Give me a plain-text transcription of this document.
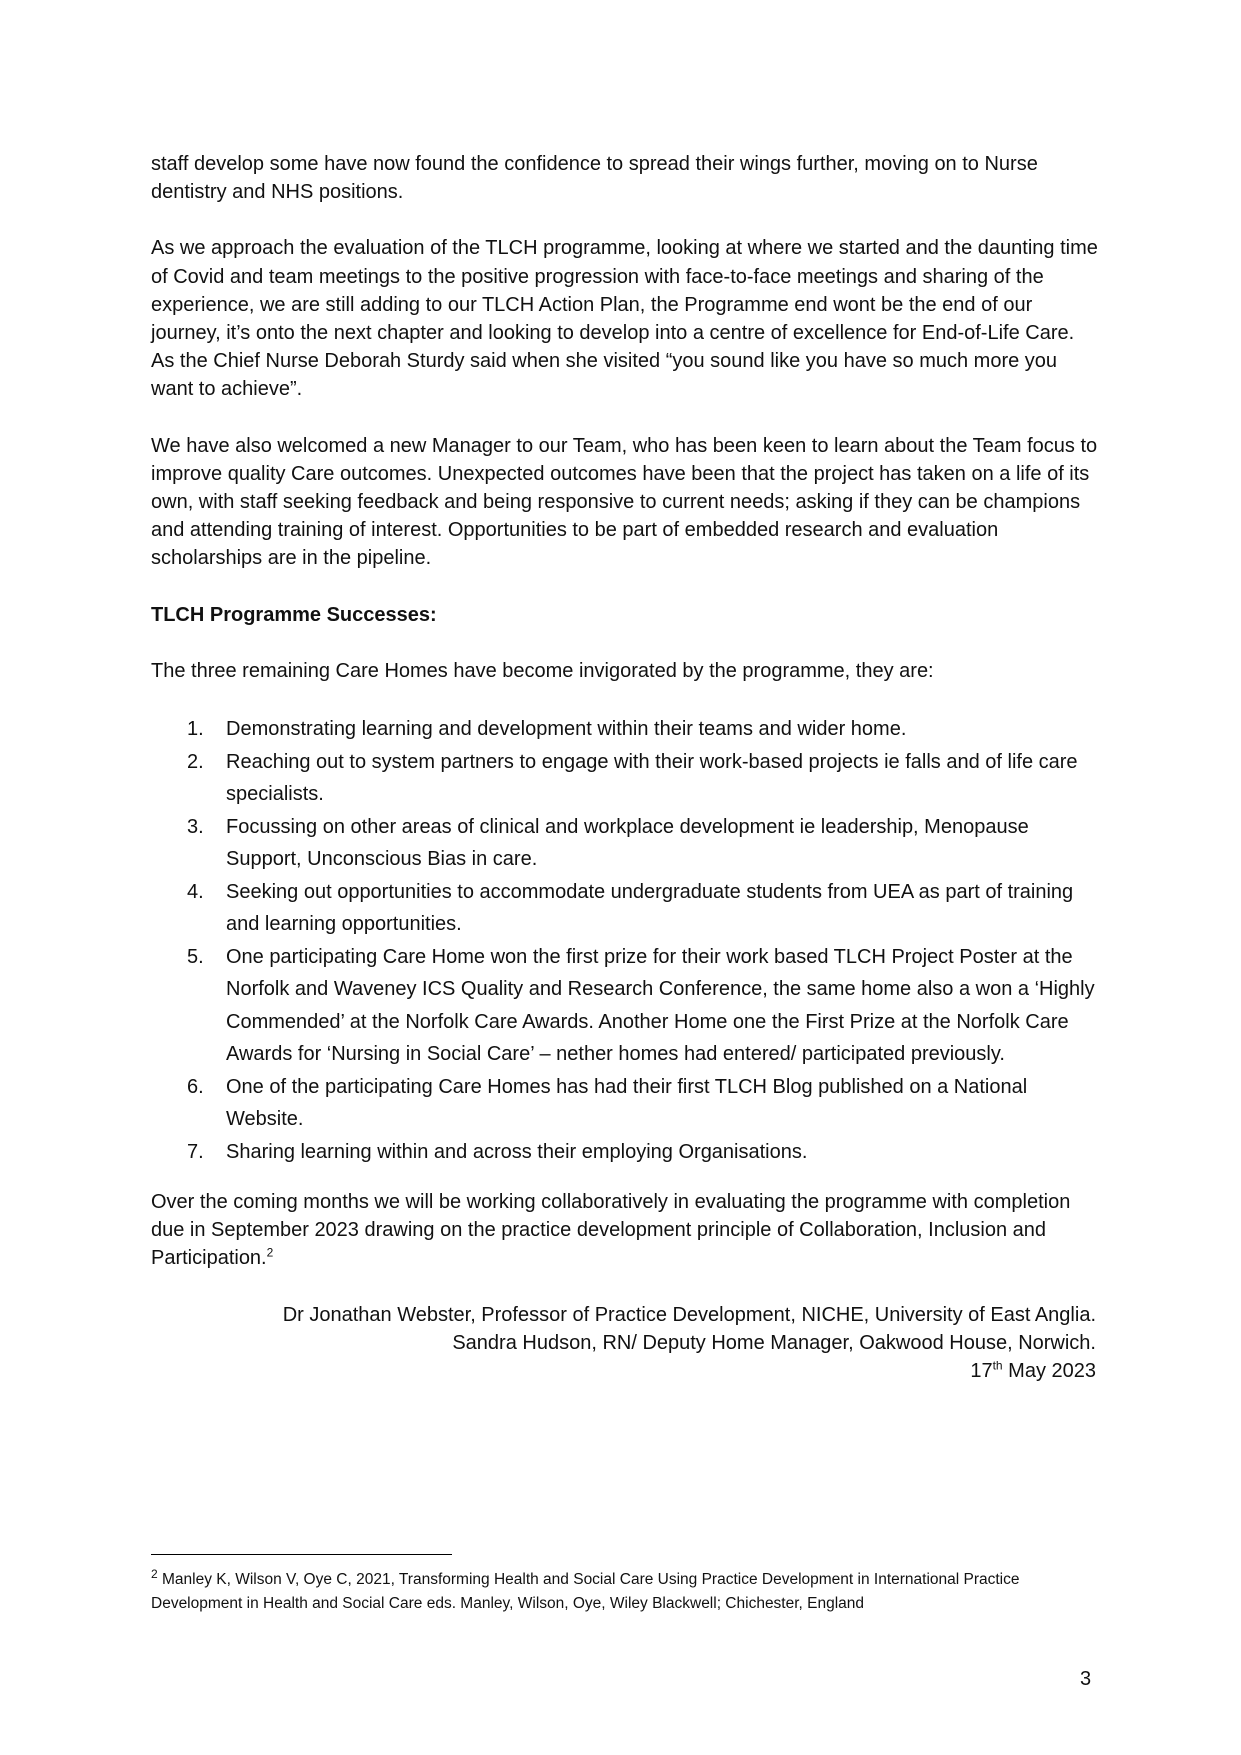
staff develop some have now found the confidence to spread their wings further, moving on to Nurse dentistry and NHS positions.

As we approach the evaluation of the TLCH programme, looking at where we started and the daunting time of Covid and team meetings to the positive progression with face-to-face meetings and sharing of the experience, we are still adding to our TLCH Action Plan, the Programme end wont be the end of our journey, it’s onto the next chapter and looking to develop into a centre of excellence for End-of-Life Care. As the Chief Nurse Deborah Sturdy said when she visited “you sound like you have so much more you want to achieve”.

We have also welcomed a new Manager to our Team, who has been keen to learn about the Team focus to improve quality Care outcomes. Unexpected outcomes have been that the project has taken on a life of its own, with staff seeking feedback and being responsive to current needs; asking if they can be champions and attending training of interest. Opportunities to be part of embedded research and evaluation scholarships are in the pipeline.

TLCH Programme Successes:

The three remaining Care Homes have become invigorated by the programme, they are:

1. Demonstrating learning and development within their teams and wider home.
2. Reaching out to system partners to engage with their work-based projects ie falls and of life care specialists.
3. Focussing on other areas of clinical and workplace development ie leadership, Menopause Support, Unconscious Bias in care.
4. Seeking out opportunities to accommodate undergraduate students from UEA as part of training and learning opportunities.
5. One participating Care Home won the first prize for their work based TLCH Project Poster at the Norfolk and Waveney ICS Quality and Research Conference, the same home also a won a ‘Highly Commended’ at the Norfolk Care Awards. Another Home one the First Prize at the Norfolk Care Awards for ‘Nursing in Social Care’ – nether homes had entered/ participated previously.
6. One of the participating Care Homes has had their first TLCH Blog published on a National Website.
7. Sharing learning within and across their employing Organisations.

Over the coming months we will be working collaboratively in evaluating the programme with completion due in September 2023 drawing on the practice development principle of Collaboration, Inclusion and Participation.$^2$

Dr Jonathan Webster, Professor of Practice Development, NICHE, University of East Anglia.
Sandra Hudson, RN/ Deputy Home Manager, Oakwood House, Norwich.
17th May 2023
$^2$ Manley K, Wilson V, Oye C, 2021, Transforming Health and Social Care Using Practice Development in International Practice Development in Health and Social Care eds. Manley, Wilson, Oye, Wiley Blackwell; Chichester, England
3
